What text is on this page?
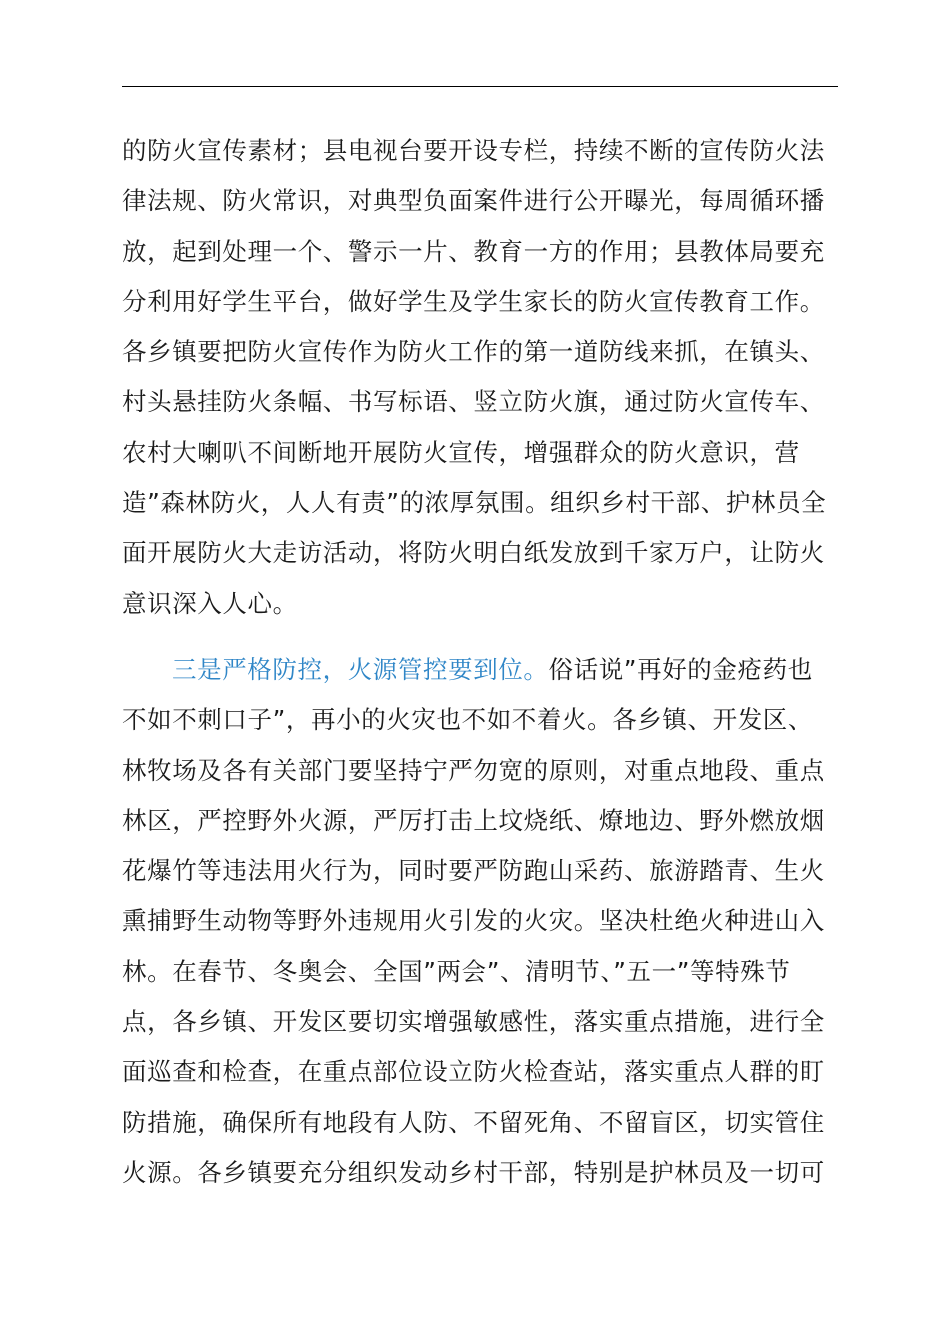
的防火宣传素材；县电视台要开设专栏，持续不断的宣传防火法
律法规、防火常识，对典型负面案件进行公开曝光，每周循环播
放，起到处理一个、警示一片、教育一方的作用；县教体局要充
分利用好学生平台，做好学生及学生家长的防火宣传教育工作。
各乡镇要把防火宣传作为防火工作的第一道防线来抓，在镇头、
村头悬挂防火条幅、书写标语、竖立防火旗，通过防火宣传车、
农村大喇叭不间断地开展防火宣传，增强群众的防火意识，营
造”森林防火，人人有责”的浓厚氛围。组织乡村干部、护林员全
面开展防火大走访活动，将防火明白纸发放到千家万户，让防火
意识深入人心。
三是严格防控，火源管控要到位。俗话说”再好的金疮药也
不如不刺口子”，再小的火灾也不如不着火。各乡镇、开发区、
林牧场及各有关部门要坚持宁严勿宽的原则，对重点地段、重点
林区，严控野外火源，严厉打击上坟烧纸、燎地边、野外燃放烟
花爆竹等违法用火行为，同时要严防跑山采药、旅游踏青、生火
熏捕野生动物等野外违规用火引发的火灾。坚决杜绝火种进山入
林。在春节、冬奥会、全国”两会”、清明节、”五一”等特殊节
点，各乡镇、开发区要切实增强敏感性，落实重点措施，进行全
面巡查和检查，在重点部位设立防火检查站，落实重点人群的盯
防措施，确保所有地段有人防、不留死角、不留盲区，切实管住
火源。各乡镇要充分组织发动乡村干部，特别是护林员及一切可
